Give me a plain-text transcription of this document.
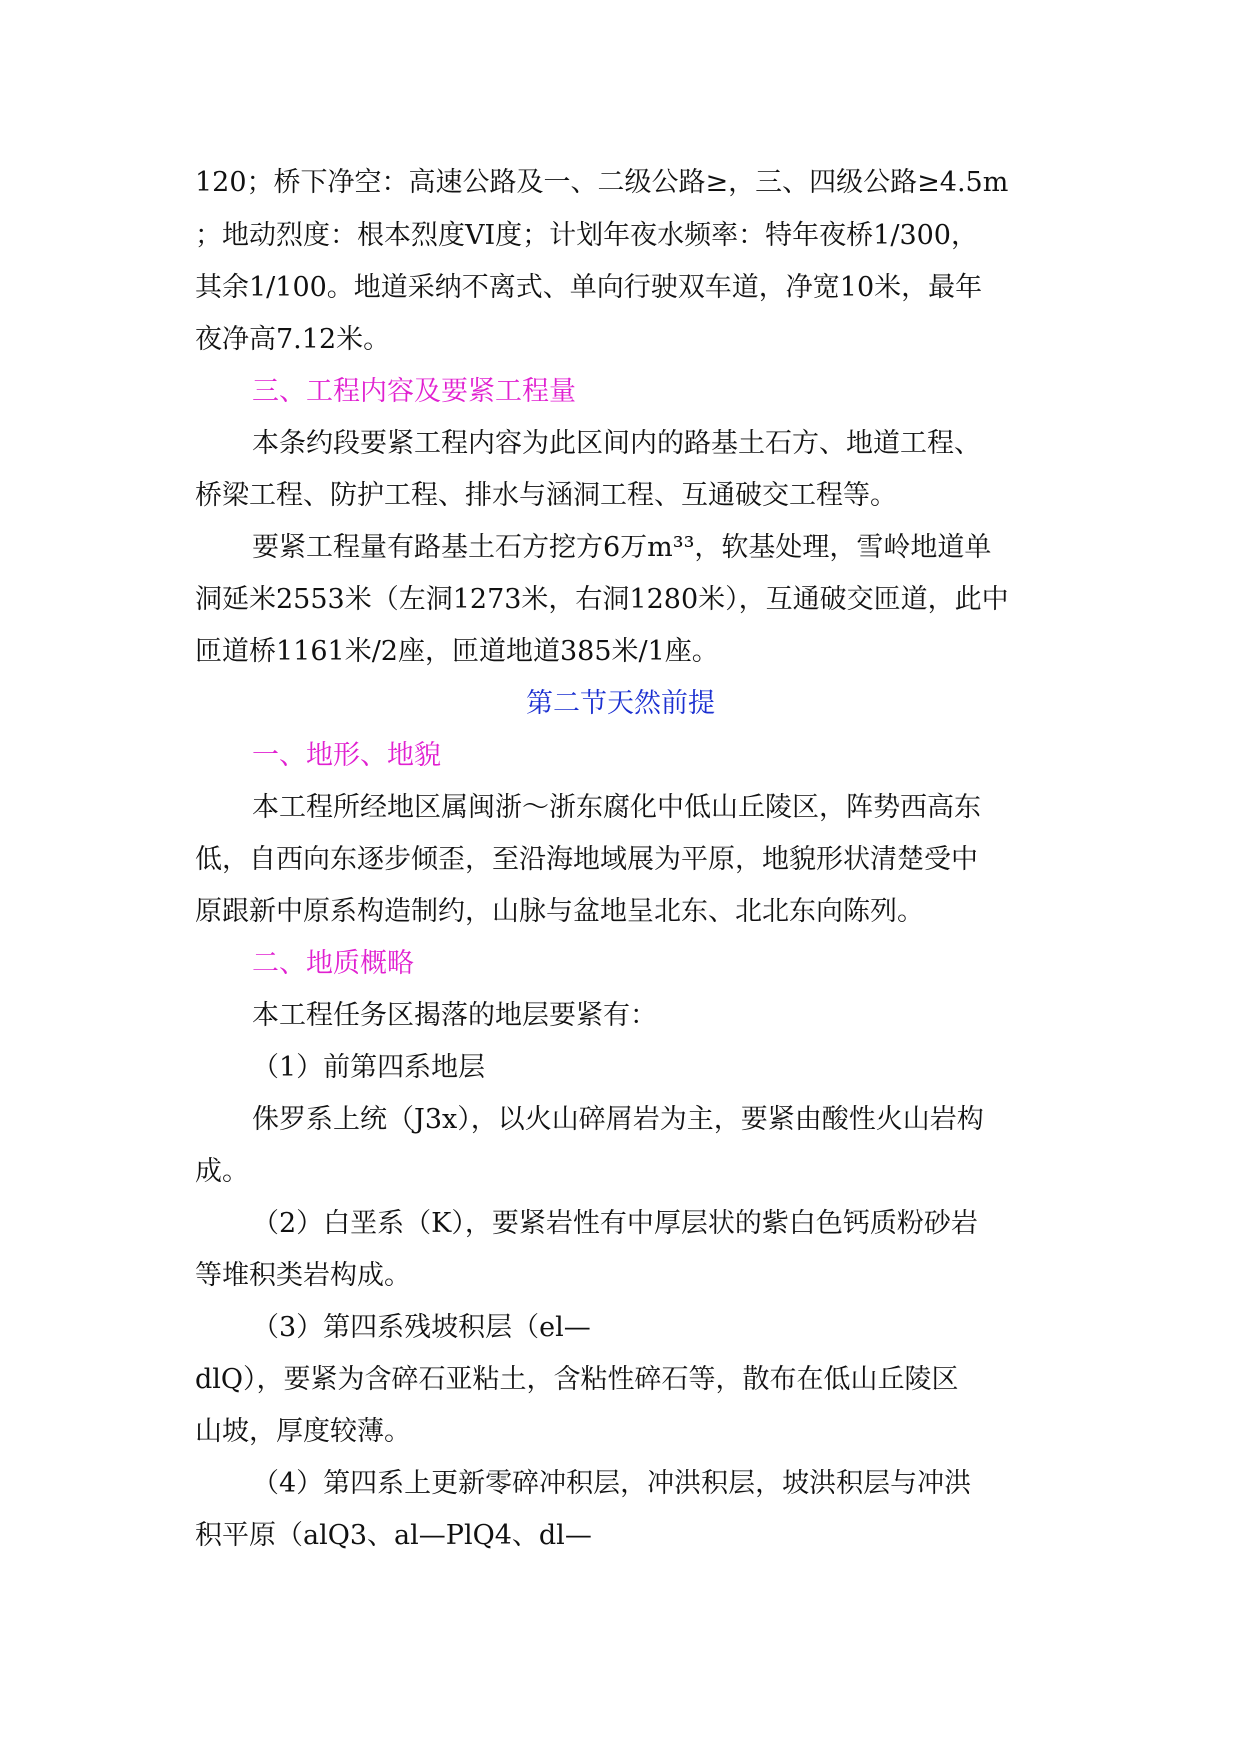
120；桥下净空：高速公路及一、二级公路≥，三、四级公路≥4.5m
；地动烈度：根本烈度VI度；计划年夜水频率：特年夜桥1/300，
其余1/100。地道采纳不离式、单向行驶双车道，净宽10米，最年
夜净高7.12米。
三、工程内容及要紧工程量
本条约段要紧工程内容为此区间内的路基土石方、地道工程、
桥梁工程、防护工程、排水与涵洞工程、互通破交工程等。
要紧工程量有路基土石方挖方6万m³³，软基处理，雪岭地道单
洞延米2553米（左洞1273米，右洞1280米），互通破交匝道，此中
匝道桥1161米/2座，匝道地道385米/1座。
第二节天然前提
一、地形、地貌
本工程所经地区属闽浙～浙东腐化中低山丘陵区，阵势西高东
低，自西向东逐步倾歪，至沿海地域展为平原，地貌形状清楚受中
原跟新中原系构造制约，山脉与盆地呈北东、北北东向陈列。
二、地质概略
本工程任务区揭落的地层要紧有：
（1）前第四系地层
侏罗系上统（J3x），以火山碎屑岩为主，要紧由酸性火山岩构
成。
（2）白垩系（K），要紧岩性有中厚层状的紫白色钙质粉砂岩
等堆积类岩构成。
（3）第四系残坡积层（el—
dlQ），要紧为含碎石亚粘土，含粘性碎石等，散布在低山丘陵区
山坡，厚度较薄。
（4）第四系上更新零碎冲积层，冲洪积层，坡洪积层与冲洪
积平原（alQ3、al—PlQ4、dl—
